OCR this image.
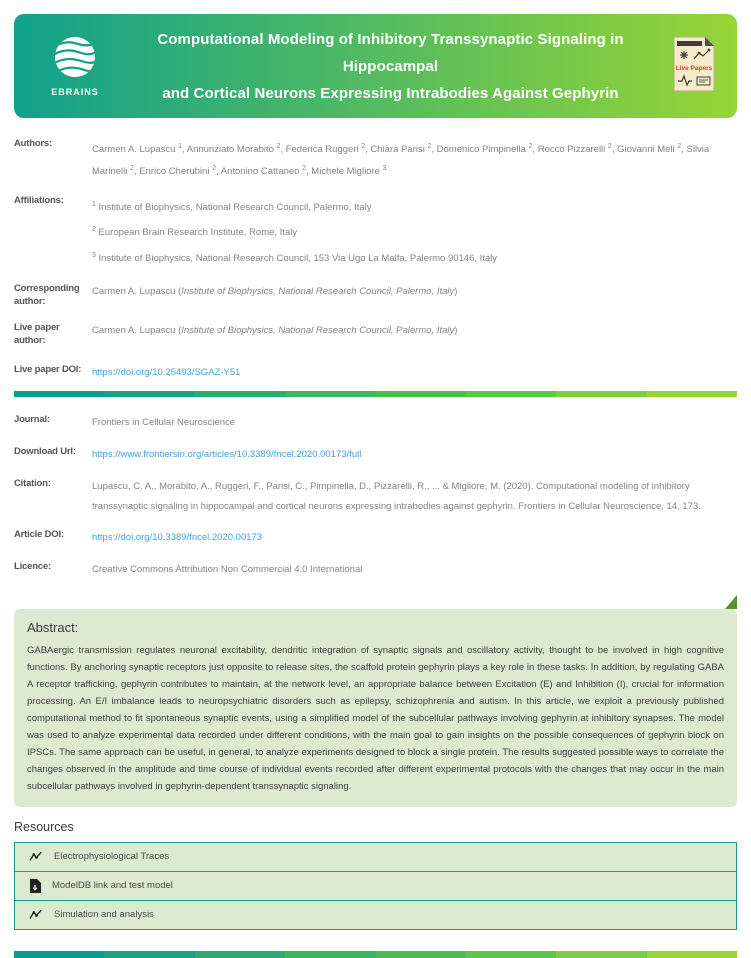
EBRAINS
Computational Modeling of Inhibitory Transsynaptic Signaling in Hippocampal
and Cortical Neurons Expressing Intrabodies Against Gephyrin
Live Papers
Authors:
Carmen A. Lupascu $^1$, Annunziato Morabito $^2$, Federica Ruggeri $^2$, Chiara Parisi $^2$, Domenico Pimpinella $^2$, Rocco Pizzarelli $^2$, Giovanni Meli $^2$, Silvia Marinelli $^2$, Enrico Cherubini $^2$, Antonino Cattaneo $^2$, Michele Migliore $^3$
Affiliations:	$^1$ Institute of Biophysics, National Research Council, Palermo, Italy
$^2$ European Brain Research Institute, Rome, Italy
$^3$ Institute of Biophysics, National Research Council, 153 Via Ugo La Malfa, Palermo 90146, Italy
Corresponding author:
Carmen A. Lupascu (Institute of Biophysics, National Research Council, Palermo, Italy)
Live paper author:
Carmen A. Lupascu (Institute of Biophysics, National Research Council, Palermo, Italy)
Live paper DOI:	https://doi.org/10.25493/SGAZ-Y51
Journal:	Frontiers in Cellular Neuroscience
Download Url:	https://www.frontiersin.org/articles/10.3389/fncel.2020.00173/full
Citation:	Lupascu, C. A., Morabito, A., Ruggeri, F., Parisi, C., Pimpinella, D., Pizzarelli, R., ... & Migliore, M. (2020). Computational modeling of inhibitory transsynaptic signaling in hippocampal and cortical neurons expressing intrabodies against gephyrin. Frontiers in Cellular Neuroscience, 14, 173.
Article DOI:	https://doi.org/10.3389/fncel.2020.00173
Licence:	Creative Commons Attribution Non Commercial 4.0 International
Abstract:
GABAergic transmission regulates neuronal excitability, dendritic integration of synaptic signals and oscillatory activity, thought to be involved in high cognitive functions. By anchoring synaptic receptors just opposite to release sites, the scaffold protein gephyrin plays a key role in these tasks. In addition, by regulating GABA A receptor trafficking, gephyrin contributes to maintain, at the network level, an appropriate balance between Excitation (E) and Inhibition (I), crucial for information processing. An E/I imbalance leads to neuropsychiatric disorders such as epilepsy, schizophrenia and autism. In this article, we exploit a previously published computational method to fit spontaneous synaptic events, using a simplified model of the subcellular pathways involving gephyrin at inhibitory synapses. The model was used to analyze experimental data recorded under different conditions, with the main goal to gain insights on the possible consequences of gephyrin block on IPSCs. The same approach can be useful, in general, to analyze experiments designed to block a single protein. The results suggested possible ways to correlate the changes observed in the amplitude and time course of individual events recorded after different experimental protocols with the changes that may occur in the main subcellular pathways involved in gephyrin-dependent transsynaptic signaling.
Resources
Electrophysiological Traces
ModelDB link and test model
Simulation and analysis
